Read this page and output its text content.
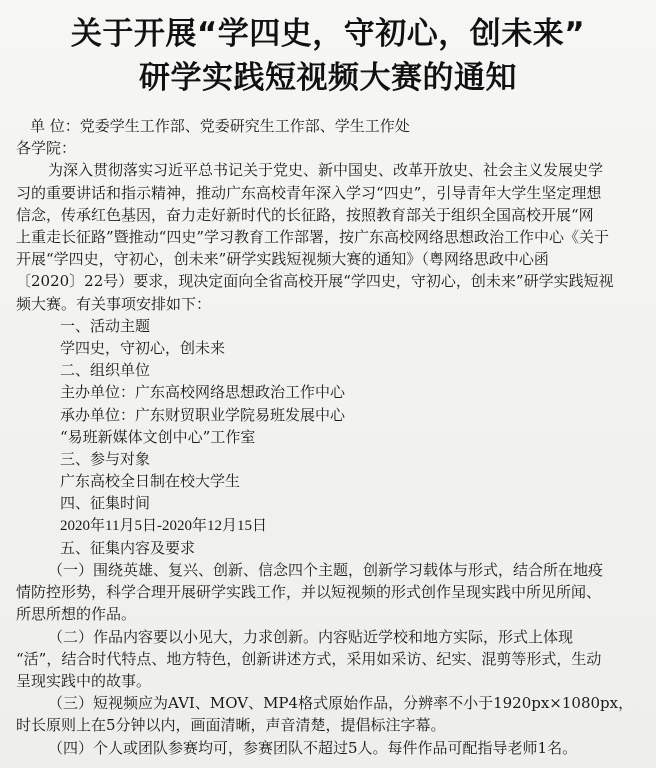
关于开展“学四史，守初心，创未来”
研学实践短视频大赛的通知
单 位：党委学生工作部、党委研究生工作部、学生工作处
各学院：
为深入贯彻落实习近平总书记关于党史、新中国史、改革开放史、社会主义发展史学
习的重要讲话和指示精神，推动广东高校青年深入学习“四史”，引导青年大学生坚定理想
信念，传承红色基因，奋力走好新时代的长征路，按照教育部关于组织全国高校开展“网
上重走长征路”暨推动“四史”学习教育工作部署，按广东高校网络思想政治工作中心《关于
开展“学四史，守初心，创未来”研学实践短视频大赛的通知》（粤网络思政中心函
〔2020〕22号）要求，现决定面向全省高校开展“学四史，守初心，创未来”研学实践短视
频大赛。有关事项安排如下：
一、活动主题
学四史，守初心，创未来
二、组织单位
主办单位：广东高校网络思想政治工作中心
承办单位：广东财贸职业学院易班发展中心
“易班新媒体文创中心”工作室
三、参与对象
广东高校全日制在校大学生
四、征集时间
2020年11月5日-2020年12月15日
五、征集内容及要求
（一）围绕英雄、复兴、创新、信念四个主题，创新学习载体与形式，结合所在地疫
情防控形势，科学合理开展研学实践工作，并以短视频的形式创作呈现实践中所见所闻、
所思所想的作品。
（二）作品内容要以小见大，力求创新。内容贴近学校和地方实际，形式上体现
“活”，结合时代特点、地方特色，创新讲述方式，采用如采访、纪实、混剪等形式，生动
呈现实践中的故事。
（三）短视频应为AVI、MOV、MP4格式原始作品，分辨率不小于1920px×1080px，
时长原则上在5分钟以内，画面清晰，声音清楚，提倡标注字幕。
（四）个人或团队参赛均可，参赛团队不超过5人。每件作品可配指导老师1名。
